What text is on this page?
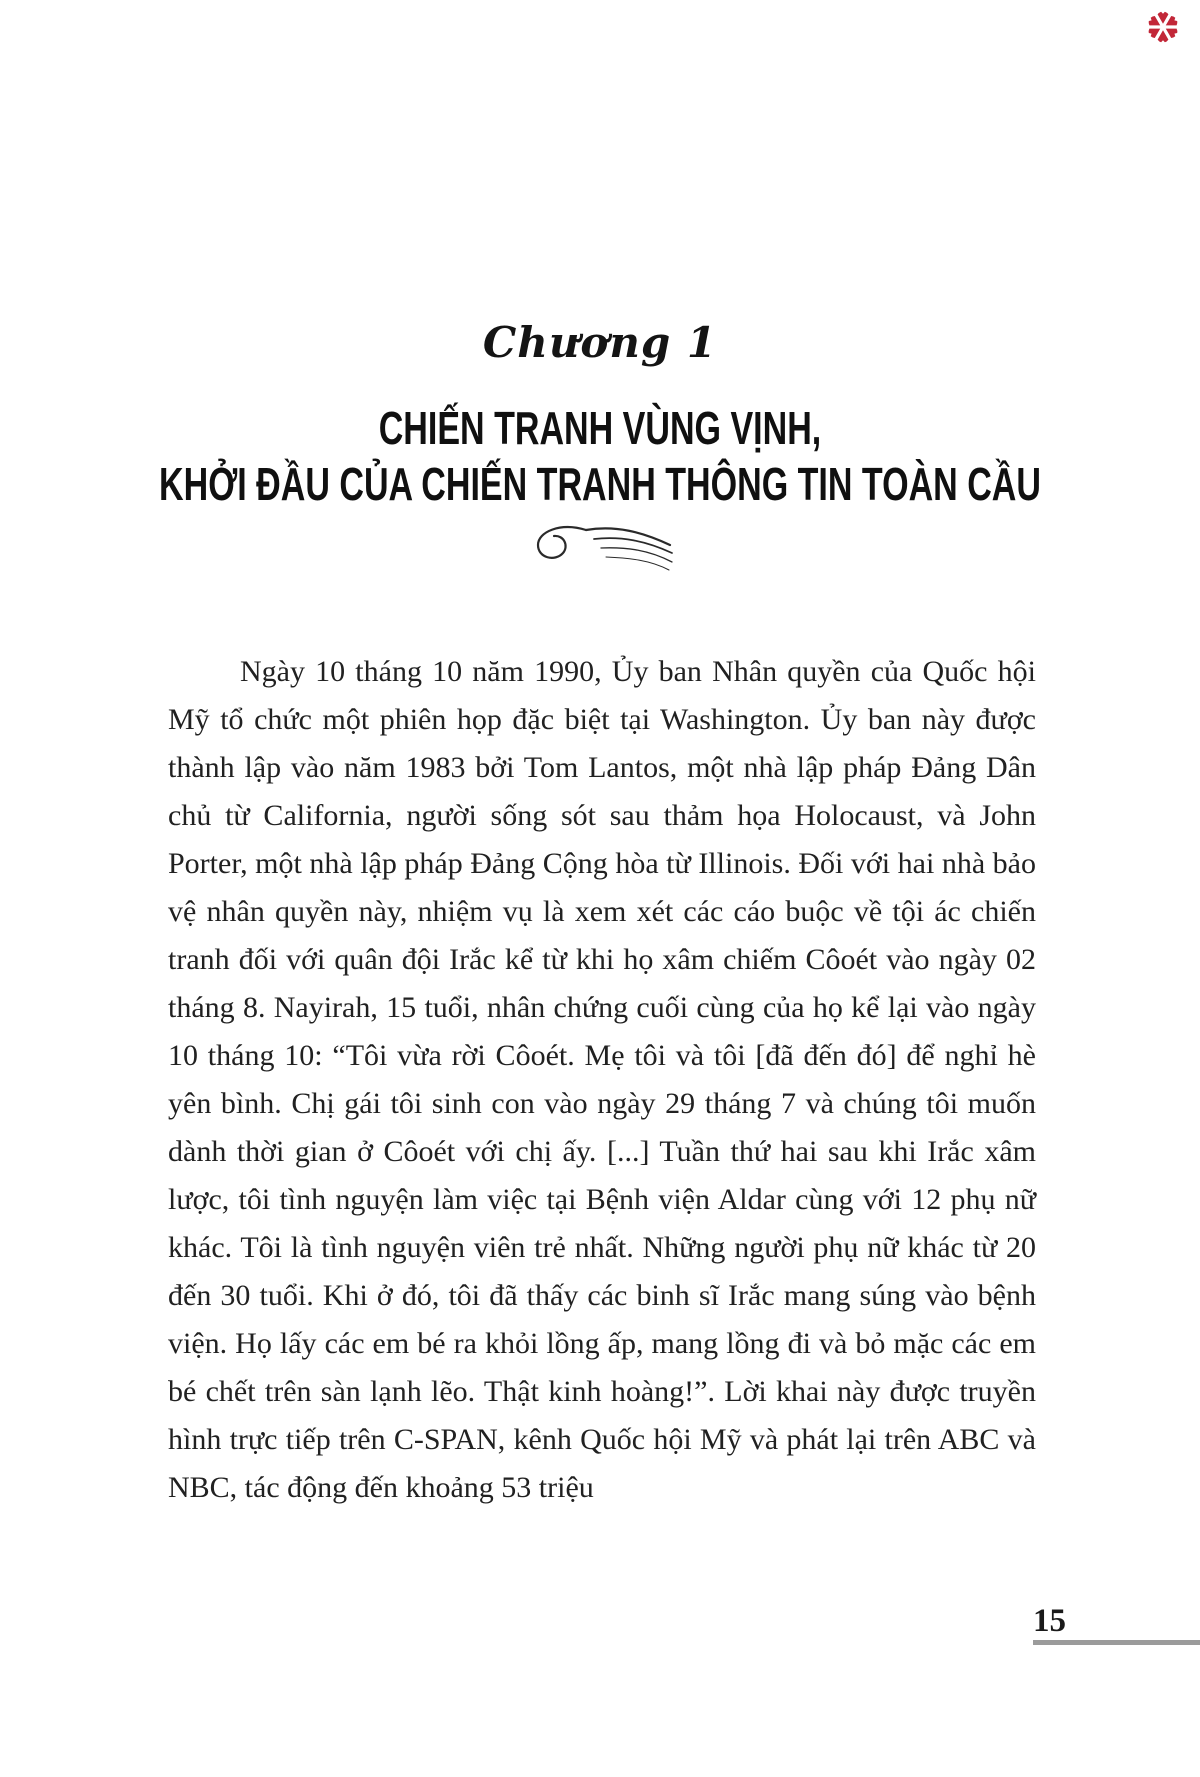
Chương 1
CHIẾN TRANH VÙNG VỊNH,
KHỞI ĐẦU CỦA CHIẾN TRANH THÔNG TIN TOÀN CẦU

Ngày 10 tháng 10 năm 1990, Ủy ban Nhân quyền của Quốc hội Mỹ tổ chức một phiên họp đặc biệt tại Washington. Ủy ban này được thành lập vào năm 1983 bởi Tom Lantos, một nhà lập pháp Đảng Dân chủ từ California, người sống sót sau thảm họa Holocaust, và John Porter, một nhà lập pháp Đảng Cộng hòa từ Illinois. Đối với hai nhà bảo vệ nhân quyền này, nhiệm vụ là xem xét các cáo buộc về tội ác chiến tranh đối với quân đội Irắc kể từ khi họ xâm chiếm Côoét vào ngày 02 tháng 8. Nayirah, 15 tuổi, nhân chứng cuối cùng của họ kể lại vào ngày 10 tháng 10: “Tôi vừa rời Côoét. Mẹ tôi và tôi [đã đến đó] để nghỉ hè yên bình. Chị gái tôi sinh con vào ngày 29 tháng 7 và chúng tôi muốn dành thời gian ở Côoét với chị ấy. [...] Tuần thứ hai sau khi Irắc xâm lược, tôi tình nguyện làm việc tại Bệnh viện Aldar cùng với 12 phụ nữ khác. Tôi là tình nguyện viên trẻ nhất. Những người phụ nữ khác từ 20 đến 30 tuổi. Khi ở đó, tôi đã thấy các binh sĩ Irắc mang súng vào bệnh viện. Họ lấy các em bé ra khỏi lồng ấp, mang lồng đi và bỏ mặc các em bé chết trên sàn lạnh lẽo. Thật kinh hoàng!”. Lời khai này được truyền hình trực tiếp trên C-SPAN, kênh Quốc hội Mỹ và phát lại trên ABC và NBC, tác động đến khoảng 53 triệu

15
